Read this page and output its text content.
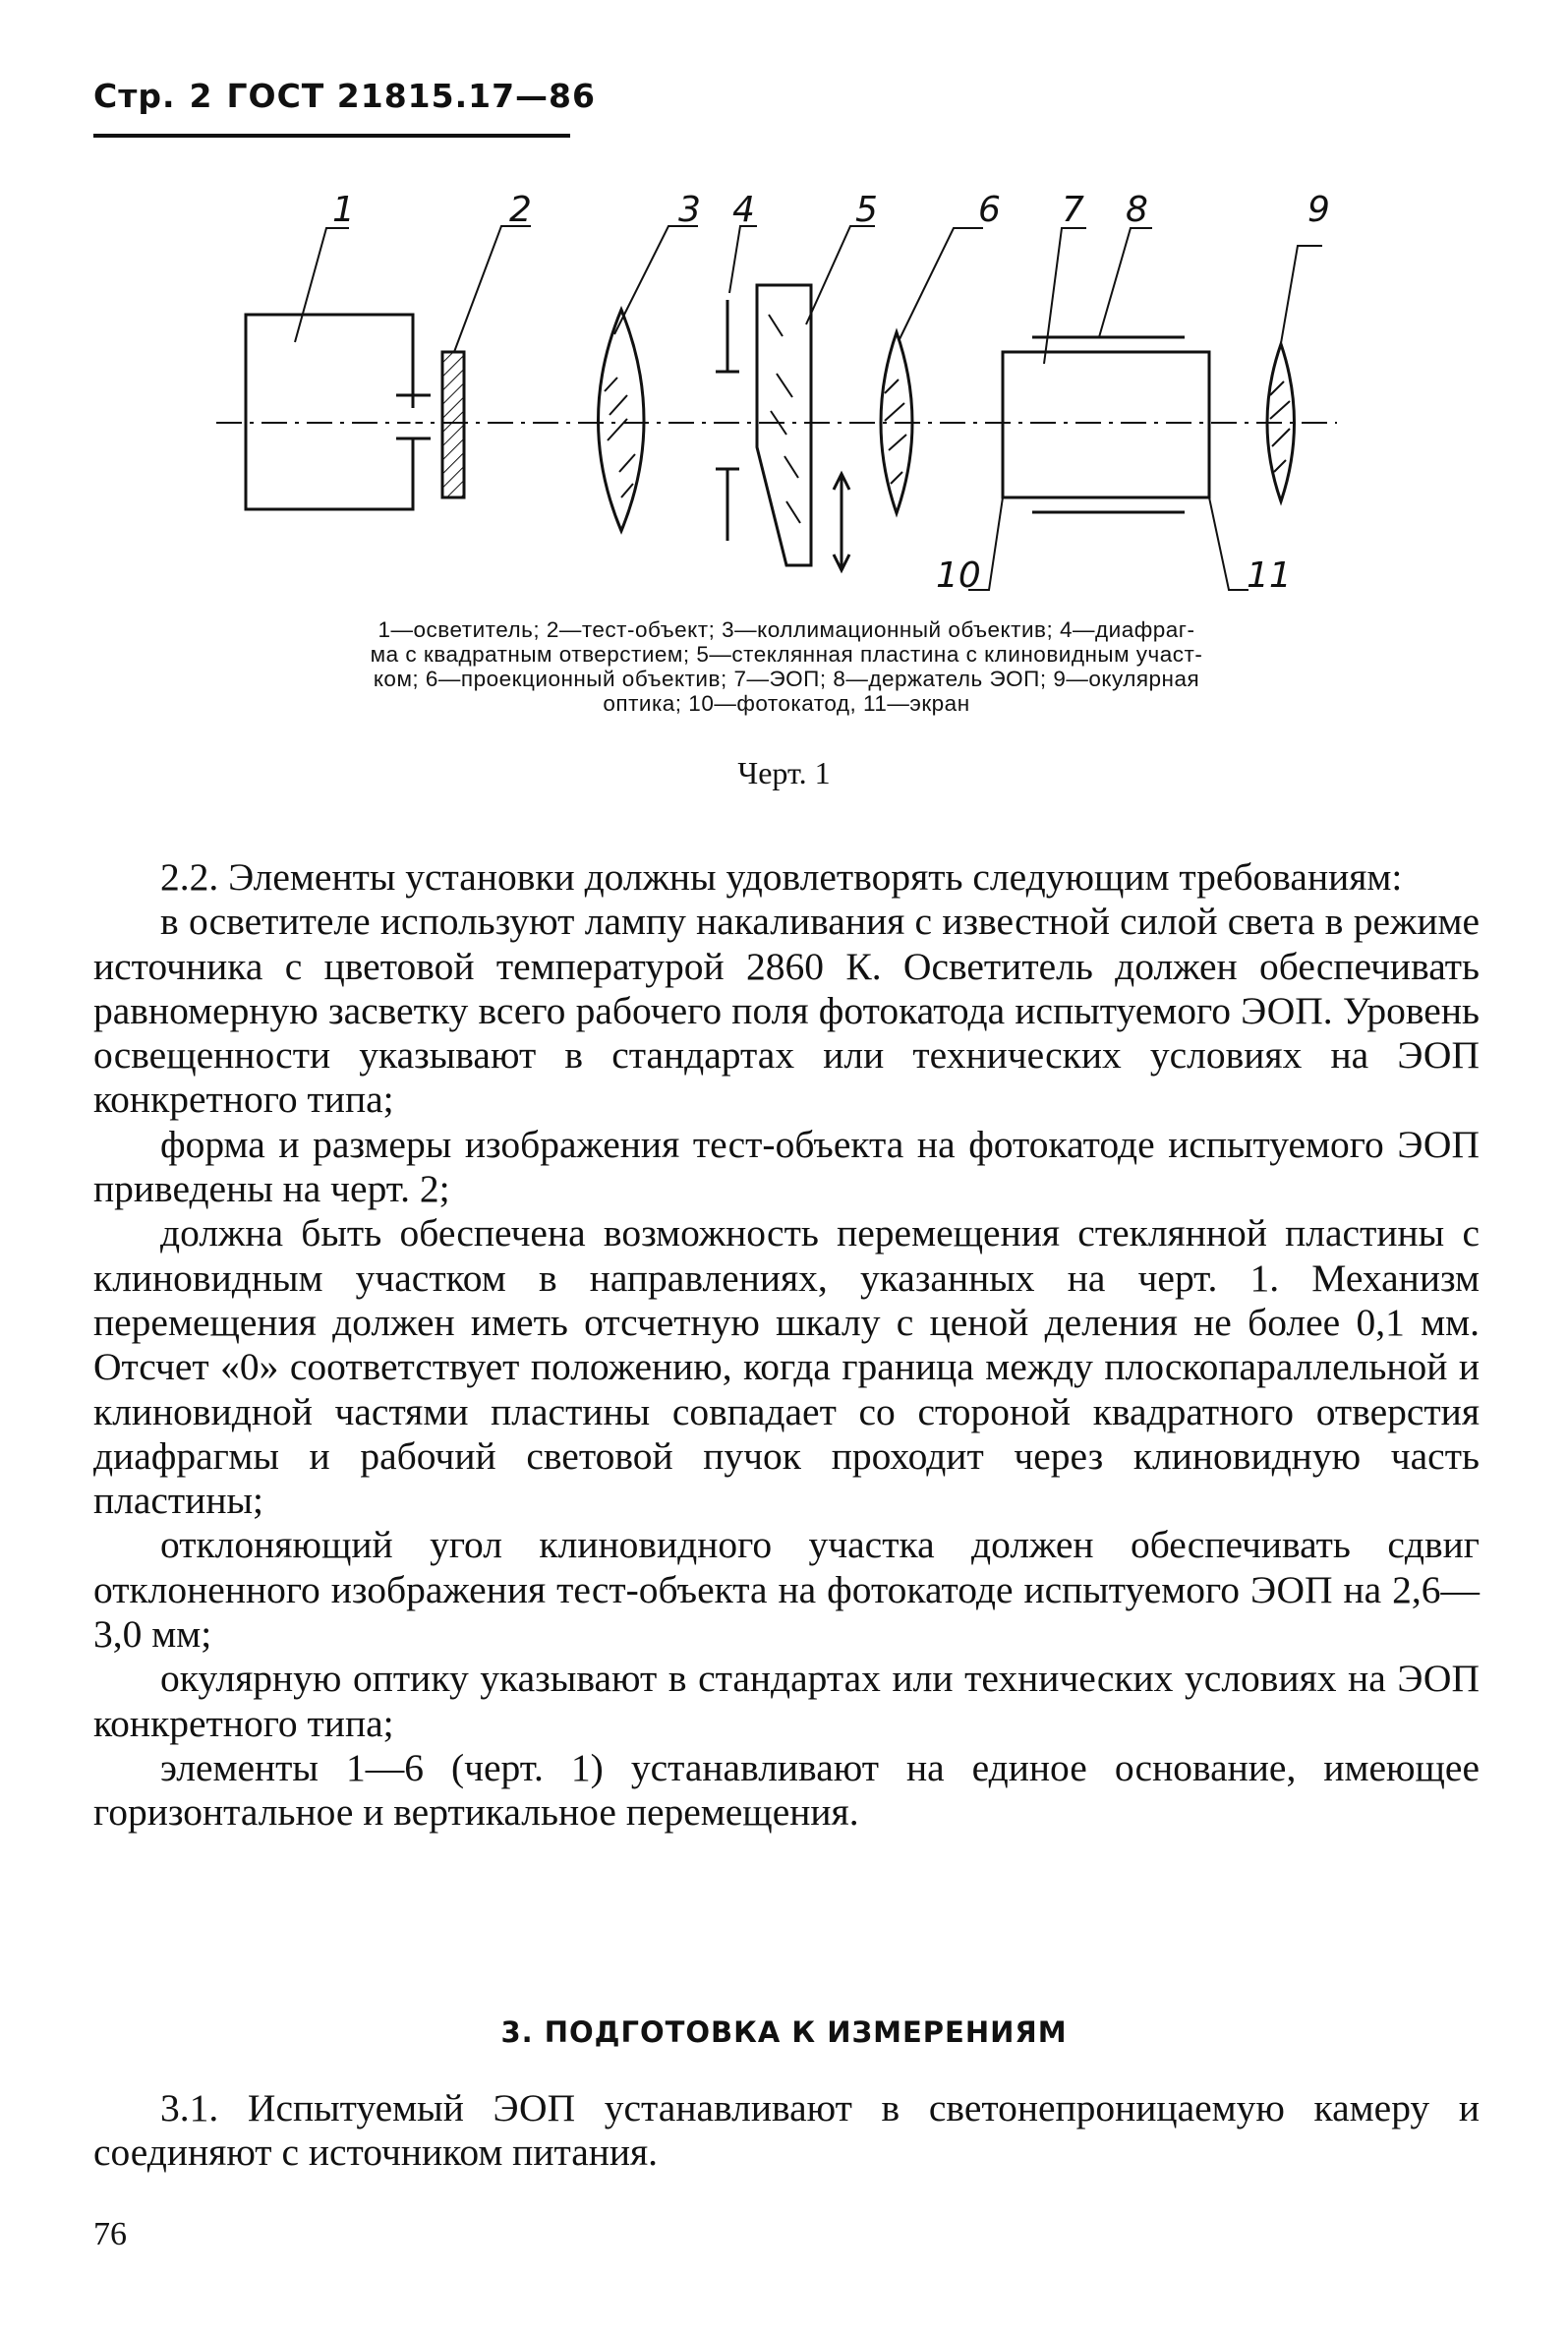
Стр. 2 ГОСТ 21815.17—86
1	2	3 4	5	6 7 8	9
10	11
1—осветитель; 2—тест-объект; 3—коллимационный объектив; 4—диафраг-
ма с квадратным отверстием; 5—стеклянная пластина с клиновидным участ-
ком; 6—проекционный объектив; 7—ЭОП; 8—держатель ЭОП; 9—окулярная
оптика; 10—фотокатод, 11—экран
Черт. 1

2.2. Элементы установки должны удовлетворять следующим требованиям:

в осветителе используют лампу накаливания с известной силой света в режиме источника с цветовой температурой 2860 К. Осветитель должен обеспечивать равномерную засветку всего рабочего поля фотокатода испытуемого ЭОП. Уровень освещенности указывают в стандартах или технических условиях на ЭОП конкретного типа;

форма и размеры изображения тест-объекта на фотокатоде испытуемого ЭОП приведены на черт. 2;

должна быть обеспечена возможность перемещения стеклянной пластины с клиновидным участком в направлениях, указанных на черт. 1. Механизм перемещения должен иметь отсчетную шкалу с ценой деления не более 0,1 мм. Отсчет «0» соответствует положению, когда граница между плоскопараллельной и клиновидной частями пластины совпадает со стороной квадратного отверстия диафрагмы и рабочий световой пучок проходит через клиновидную часть пластины;

отклоняющий угол клиновидного участка должен обеспечивать сдвиг отклоненного изображения тест-объекта на фотокатоде испытуемого ЭОП на 2,6—3,0 мм;

окулярную оптику указывают в стандартах или технических условиях на ЭОП конкретного типа;

элементы 1—6 (черт. 1) устанавливают на единое основание, имеющее горизонтальное и вертикальное перемещения.

3. ПОДГОТОВКА К ИЗМЕРЕНИЯМ

3.1. Испытуемый ЭОП устанавливают в светонепроницаемую камеру и соединяют с источником питания.

76
